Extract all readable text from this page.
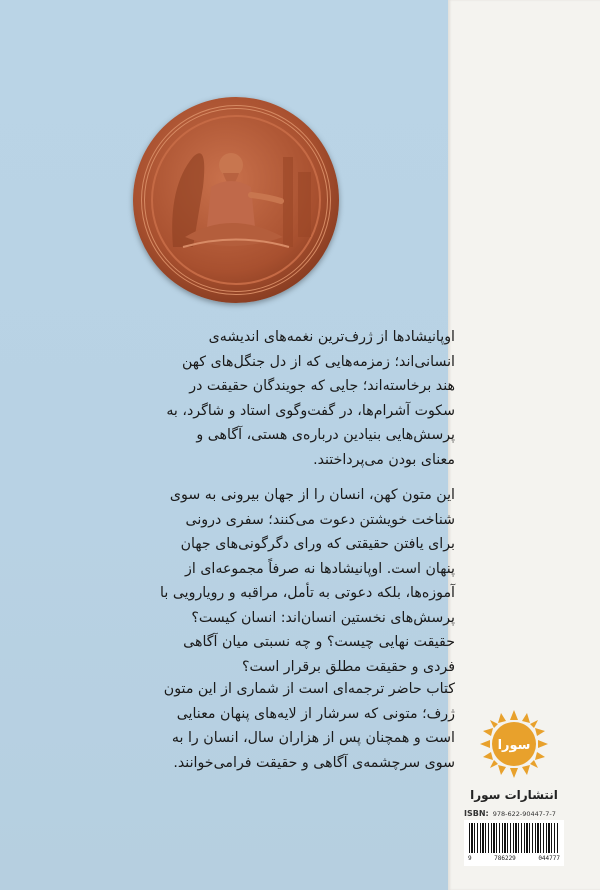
اوپانیشادها از ژرف‌ترین نغمه‌های اندیشه‌ی
انسانی‌اند؛ زمزمه‌هایی که از دل جنگل‌های کهن
هند برخاسته‌اند؛ جایی که جویندگان حقیقت در
سکوت آشرام‌ها، در گفت‌وگوی استاد و شاگرد، به
پرسش‌هایی بنیادین درباره‌ی هستی، آگاهی و
معنای بودن می‌پرداختند.
این متون کهن، انسان را از جهان بیرونی به سوی
شناخت خویشتن دعوت می‌کنند؛ سفری درونی
برای یافتن حقیقتی که ورای دگرگونی‌های جهان
پنهان است. اوپانیشادها نه صرفاً مجموعه‌ای از
آموزه‌ها، بلکه دعوتی به تأمل، مراقبه و رویارویی با
پرسش‌های نخستین انسان‌اند: انسان کیست؟
حقیقت نهایی چیست؟ و چه نسبتی میان آگاهی
فردی و حقیقت مطلق برقرار است؟
کتاب حاضر ترجمه‌ای است از شماری از این متون
ژرف؛ متونی که سرشار از لایه‌های پنهان معنایی
است و همچنان پس از هزاران سال، انسان را به
سوی سرچشمه‌ی آگاهی و حقیقت فرامی‌خوانند.
سورا
انتشارات سورا
ISBN: 978-622-90447-7-7
9	786229	044777
